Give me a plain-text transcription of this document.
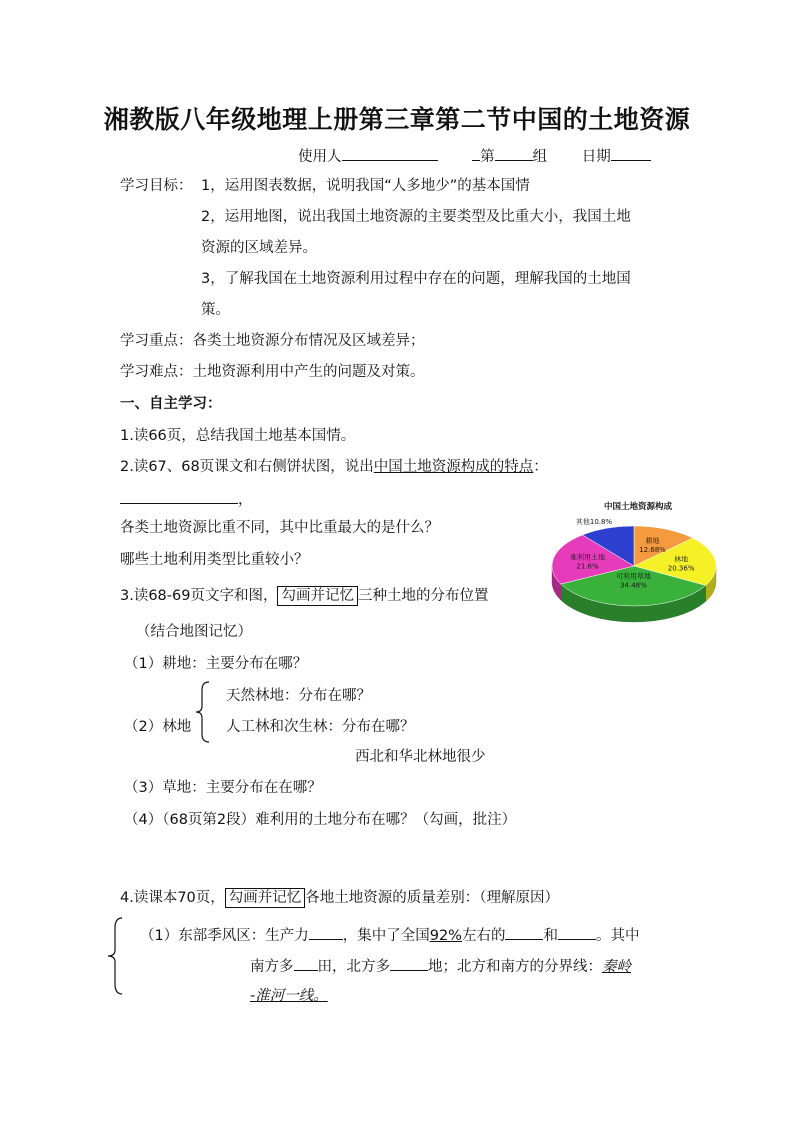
湘教版八年级地理上册第三章第二节中国的土地资源
使用人	第	组 日期
学习目标： 1，运用图表数据，说明我国“人多地少”的基本国情
2，运用地图，说出我国土地资源的主要类型及比重大小，我国土地
资源的区域差异。
3，了解我国在土地资源利用过程中存在的问题，理解我国的土地国
策。
学习重点：各类土地资源分布情况及区域差异；
学习难点：土地资源利用中产生的问题及对策。
一、自主学习：
1.读66页，总结我国土地基本国情。
2.读67、68页课文和右侧饼状图，说出中国土地资源构成的特点：
，
各类土地资源比重不同，其中比重最大的是什么？
哪些土地利用类型比重较小？
中国土地资源构成
耕地 12.68%
林地 20.36%
可利用草地 34.48%
难利用土地 21.6%
其他10.8%
3.读68-69页文字和图， 勾画并记忆 三种土地的分布位置
（结合地图记忆）
（1）耕地：主要分布在哪？
（2）林地
天然林地：分布在哪？
人工林和次生林：分布在哪？
西北和华北林地很少
（3）草地：主要分布在在哪？
（4）（68页第2段）难利用的土地分布在哪？（勾画，批注）
4.读课本70页， 勾画并记忆 各地土地资源的质量差别：（理解原因）
（1）东部季风区：生产力 ，集中了全国92%左右的	和	。其中
南方多 田，北方多	地；北方和南方的分界线：秦岭
-淮河一线。
